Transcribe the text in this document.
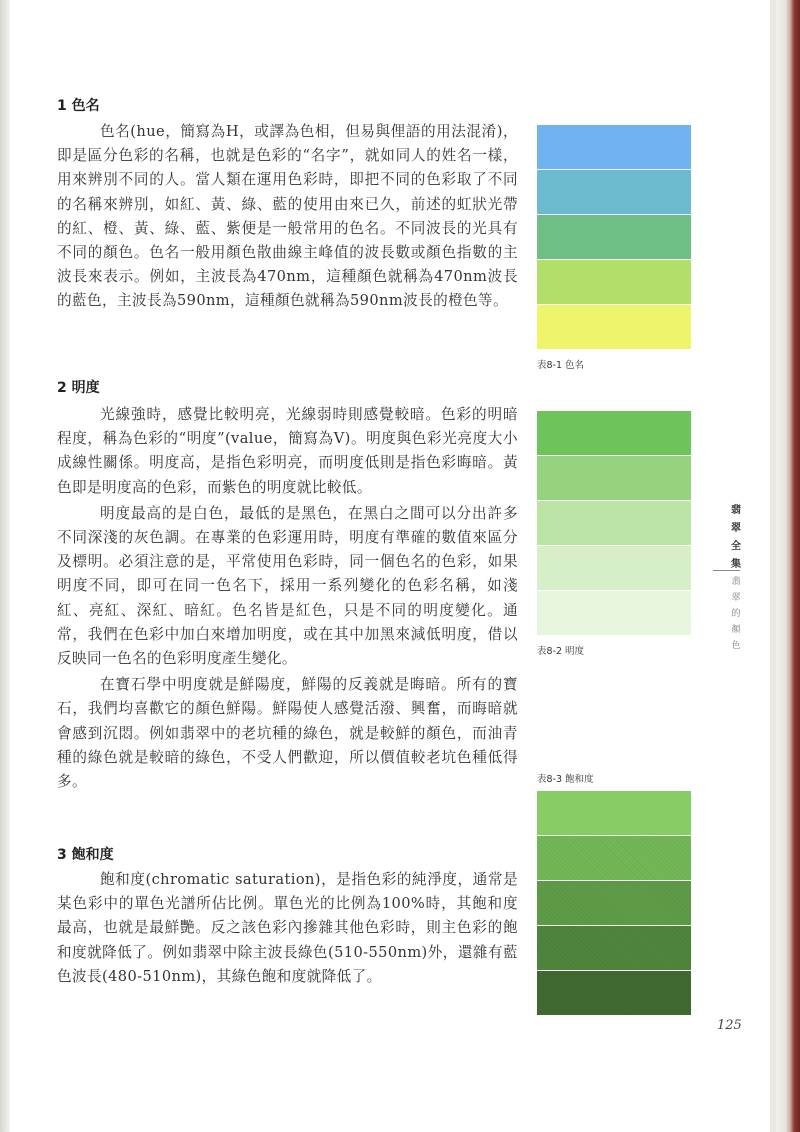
1 色名

色名(hue，簡寫為H，或譯為色相，但易與俚語的用法混淆)，即是區分色彩的名稱，也就是色彩的“名字”，就如同人的姓名一樣，用來辨別不同的人。當人類在運用色彩時，即把不同的色彩取了不同的名稱來辨別，如紅、黃、綠、藍的使用由來已久，前述的虹狀光帶的紅、橙、黃、綠、藍、紫便是一般常用的色名。不同波長的光具有不同的顏色。色名一般用顏色散曲線主峰值的波長數或顏色指數的主波長來表示。例如，主波長為470nm，這種顏色就稱為470nm波長的藍色，主波長為590nm，這種顏色就稱為590nm波長的橙色等。

2 明度

光線強時，感覺比較明亮，光線弱時則感覺較暗。色彩的明暗程度，稱為色彩的“明度”(value，簡寫為V)。明度與色彩光亮度大小成線性關係。明度高，是指色彩明亮，而明度低則是指色彩晦暗。黃色即是明度高的色彩，而紫色的明度就比較低。

明度最高的是白色，最低的是黑色，在黑白之間可以分出許多不同深淺的灰色調。在專業的色彩運用時，明度有準確的數值來區分及標明。必須注意的是，平常使用色彩時，同一個色名的色彩，如果明度不同，即可在同一色名下，採用一系列變化的色彩名稱，如淺紅、亮紅、深紅、暗紅。色名皆是紅色，只是不同的明度變化。通常，我們在色彩中加白來增加明度，或在其中加黑來減低明度，借以反映同一色名的色彩明度產生變化。

在寶石學中明度就是鮮陽度，鮮陽的反義就是晦暗。所有的寶石，我們均喜歡它的顏色鮮陽。鮮陽使人感覺活潑、興奮，而晦暗就會感到沉悶。例如翡翠中的老坑種的綠色，就是較鮮的顏色，而油青種的綠色就是較暗的綠色，不受人們歡迎，所以價值較老坑色種低得多。

3 飽和度

飽和度(chromatic saturation)，是指色彩的純淨度，通常是某色彩中的單色光譜所佔比例。單色光的比例為100%時，其飽和度最高，也就是最鮮艷。反之該色彩內摻雜其他色彩時，則主色彩的飽和度就降低了。例如翡翠中除主波長綠色(510-550nm)外，還雜有藍色波長(480-510nm)，其綠色飽和度就降低了。

表8-1 色名
表8-2 明度
表8-3 飽和度
翡翠全集
翡翠的顏色
125
